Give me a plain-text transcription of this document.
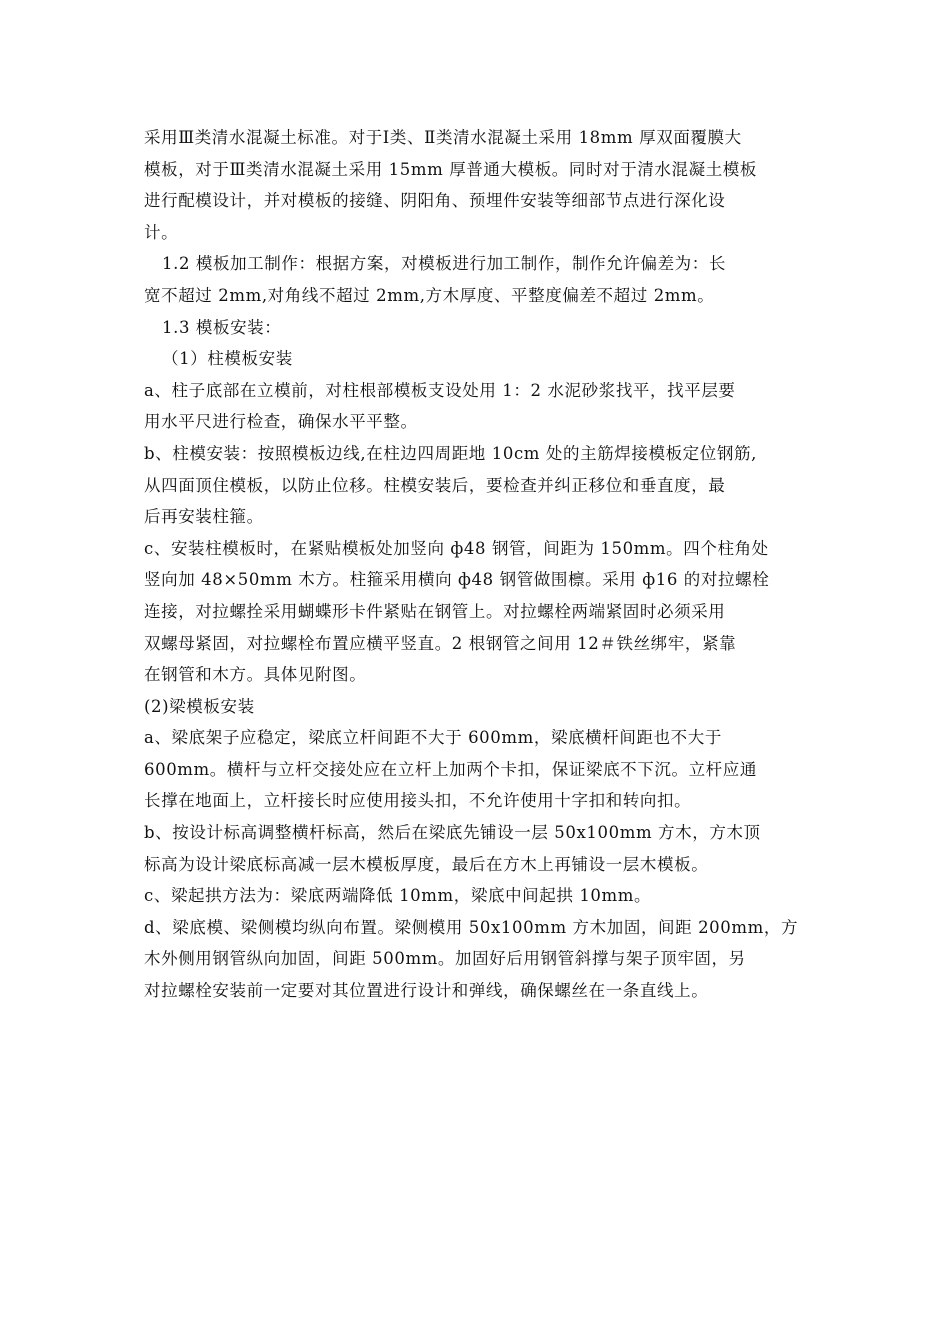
采用Ⅲ类清水混凝土标准。对于Ⅰ类、Ⅱ类清水混凝土采用 18mm 厚双面覆膜大
模板，对于Ⅲ类清水混凝土采用 15mm 厚普通大模板。同时对于清水混凝土模板
进行配模设计，并对模板的接缝、阴阳角、预埋件安装等细部节点进行深化设
计。
1.2 模板加工制作：根据方案，对模板进行加工制作，制作允许偏差为：长
宽不超过 2mm,对角线不超过 2mm,方木厚度、平整度偏差不超过 2mm。
1.3 模板安装：
（1）柱模板安装
a、柱子底部在立模前，对柱根部模板支设处用 1：2 水泥砂浆找平，找平层要
用水平尺进行检查，确保水平平整。
b、柱模安装：按照模板边线,在柱边四周距地 10cm 处的主筋焊接模板定位钢筋,
从四面顶住模板，以防止位移。柱模安装后，要检查并纠正移位和垂直度，最
后再安装柱箍。
c、安装柱模板时，在紧贴模板处加竖向 ф48 钢管，间距为 150mm。四个柱角处
竖向加 48×50mm 木方。柱箍采用横向 ф48 钢管做围檩。采用 ф16 的对拉螺栓
连接，对拉螺拴采用蝴蝶形卡件紧贴在钢管上。对拉螺栓两端紧固时必须采用
双螺母紧固，对拉螺栓布置应横平竖直。2 根钢管之间用 12＃铁丝绑牢，紧靠
在钢管和木方。具体见附图。
(2)梁模板安装
a、梁底架子应稳定，梁底立杆间距不大于 600mm，梁底横杆间距也不大于
600mm。横杆与立杆交接处应在立杆上加两个卡扣，保证梁底不下沉。立杆应通
长撑在地面上，立杆接长时应使用接头扣，不允许使用十字扣和转向扣。
b、按设计标高调整横杆标高，然后在梁底先铺设一层 50x100mm 方木，方木顶
标高为设计梁底标高减一层木模板厚度，最后在方木上再铺设一层木模板。
c、梁起拱方法为：梁底两端降低 10mm，梁底中间起拱 10mm。
d、梁底模、梁侧模均纵向布置。梁侧模用 50x100mm 方木加固，间距 200mm，方
木外侧用钢管纵向加固，间距 500mm。加固好后用钢管斜撑与架子顶牢固，另
对拉螺栓安装前一定要对其位置进行设计和弹线，确保螺丝在一条直线上。
